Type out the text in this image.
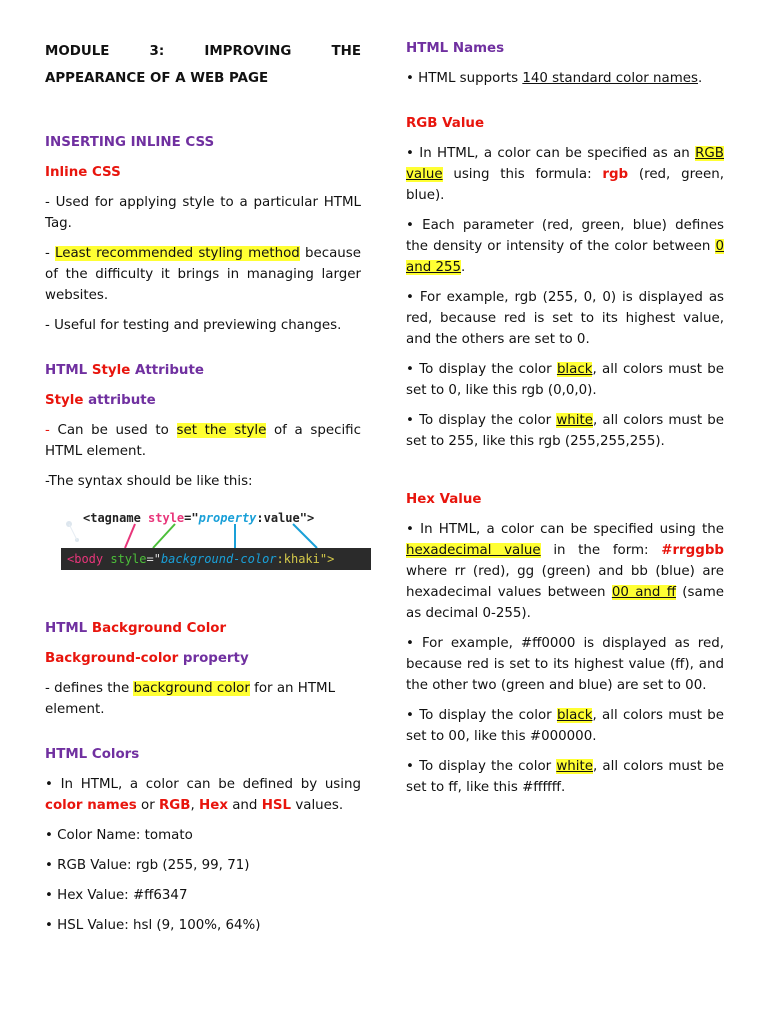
MODULE 3: IMPROVING THE
APPEARANCE OF A WEB PAGE

INSERTING INLINE CSS

Inline CSS

- Used for applying style to a particular HTML Tag.

- Least recommended styling method because of the difficulty it brings in managing larger websites.

- Useful for testing and previewing changes.

HTML Style Attribute

Style attribute

- Can be used to set the style of a specific HTML element.

-The syntax should be like this:

<tagname style="property:value">
<body style="background-color:khaki">

HTML Background Color

Background-color property

- defines the background color for an HTML element.

HTML Colors

• In HTML, a color can be defined by using color names or RGB, Hex and HSL values.

• Color Name: tomato

• RGB Value: rgb (255, 99, 71)

• Hex Value: #ff6347

• HSL Value: hsl (9, 100%, 64%)

HTML Names

• HTML supports 140 standard color names.

RGB Value

• In HTML, a color can be specified as an RGB value using this formula: rgb (red, green, blue).

• Each parameter (red, green, blue) defines the density or intensity of the color between 0 and 255.

• For example, rgb (255, 0, 0) is displayed as red, because red is set to its highest value, and the others are set to 0.

• To display the color black, all colors must be set to 0, like this rgb (0,0,0).

• To display the color white, all colors must be set to 255, like this rgb (255,255,255).

Hex Value

• In HTML, a color can be specified using the hexadecimal value in the form: #rrggbb where rr (red), gg (green) and bb (blue) are hexadecimal values between 00 and ff (same as decimal 0-255).

• For example, #ff0000 is displayed as red, because red is set to its highest value (ff), and the other two (green and blue) are set to 00.

• To display the color black, all colors must be set to 00, like this #000000.

• To display the color white, all colors must be set to ff, like this #ffffff.
